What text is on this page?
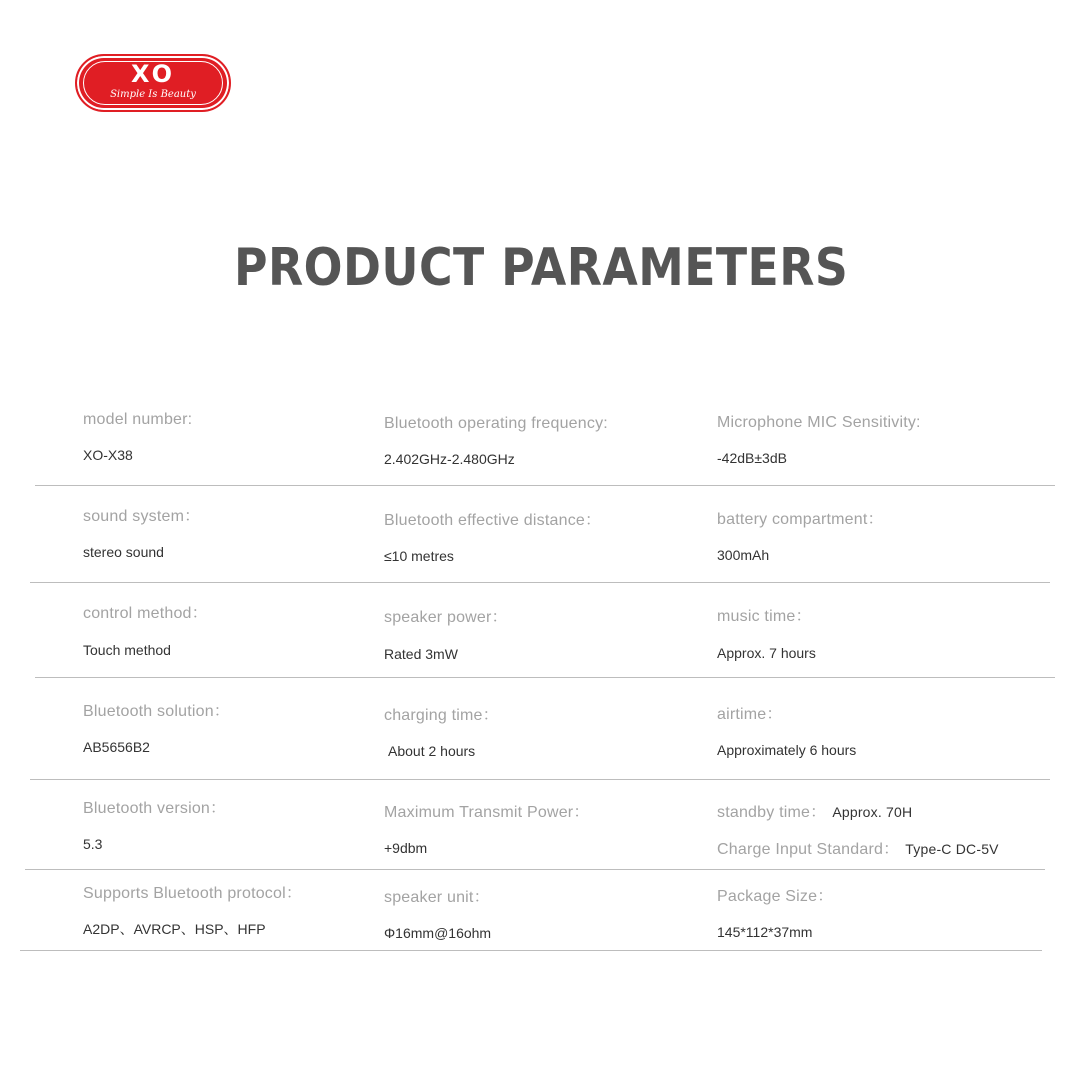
XO
Simple Is Beauty
PRODUCT PARAMETERS
model number:
XO-X38
Bluetooth operating frequency:
2.402GHz-2.480GHz
Microphone MIC Sensitivity:
-42dB±3dB
sound system：
stereo sound
Bluetooth effective distance：
≤10 metres
battery compartment：
300mAh
control method：
Touch method
speaker power：
Rated 3mW
music time：
Approx. 7 hours
Bluetooth solution：
AB5656B2
charging time：
About 2 hours
airtime：
Approximately 6 hours
Bluetooth version：
5.3
Maximum Transmit Power：
+9dbm
standby time： Approx. 70H
Charge Input Standard： Type-C DC-5V
Supports Bluetooth protocol：
A2DP、AVRCP、HSP、HFP
speaker unit：
Φ16mm@16ohm
Package Size：
145*112*37mm
